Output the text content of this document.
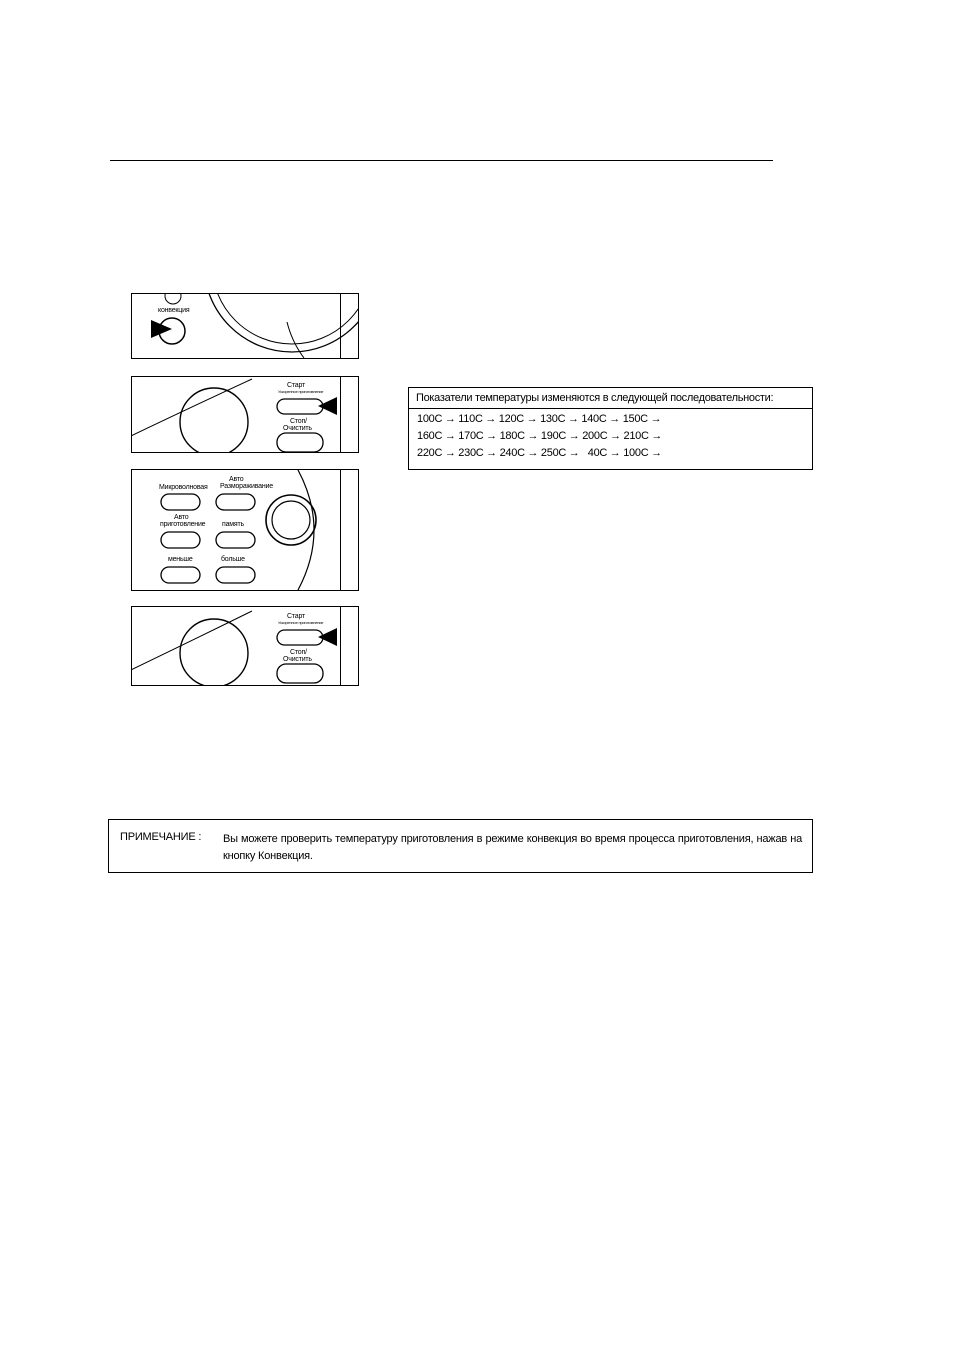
конвекция
Старт
Ускоренное приготовление
Стоп/
Очистить
Микроволновая
Авто
Размораживание
Авто
приготовление память
меньше	больше
Старт
Ускоренное приготовление
Стоп/
Очистить
Показатели температуры изменяются в следующей последовательности:
100C → 110C → 120C → 130C → 140C → 150C →
160C → 170C → 180C → 190C → 200C → 210C →
220C → 230C → 240C → 250C →   40C → 100C →
ПРИМЕЧАНИЕ : Вы можете проверить температуру приготовления в режиме конвекция во время процесса приготовления, нажав на кнопку Конвекция.
